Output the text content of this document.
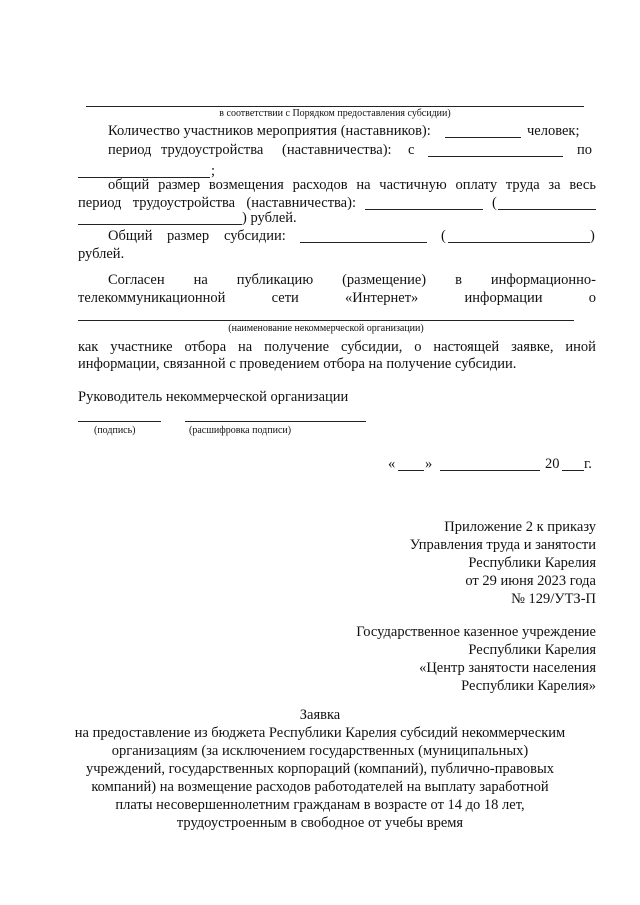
в соответствии с Порядком предоставления субсидии)
Количество участников мероприятия (наставников):	человек;
период трудоустройства (наставничества): с	по
;
общий размер возмещения расходов на частичную оплату труда за весь
период трудоустройства (наставничества):	(
) рублей.
Общий размер субсидии:	(	)
рублей.
Согласен на публикацию (размещение) в информационно-
телекоммуникационной	сети	«Интернет»	информации	о
(наименование некоммерческой организации)
как участнике отбора на получение субсидии, о настоящей заявке, иной
информации, связанной с проведением отбора на получение субсидии.
Руководитель некоммерческой организации
(подпись)	(расшифровка подписи)
« »	20 г.
Приложение 2 к приказу
Управления труда и занятости
Республики Карелия
от 29 июня 2023 года
№ 129/УТЗ-П
Государственное казенное учреждение
Республики Карелия
«Центр занятости населения
Республики Карелия»
Заявка
на предоставление из бюджета Республики Карелия субсидий некоммерческим
организациям (за исключением государственных (муниципальных)
учреждений, государственных корпораций (компаний), публично-правовых
компаний) на возмещение расходов работодателей на выплату заработной
платы несовершеннолетним гражданам в возрасте от 14 до 18 лет,
трудоустроенным в свободное от учебы время
